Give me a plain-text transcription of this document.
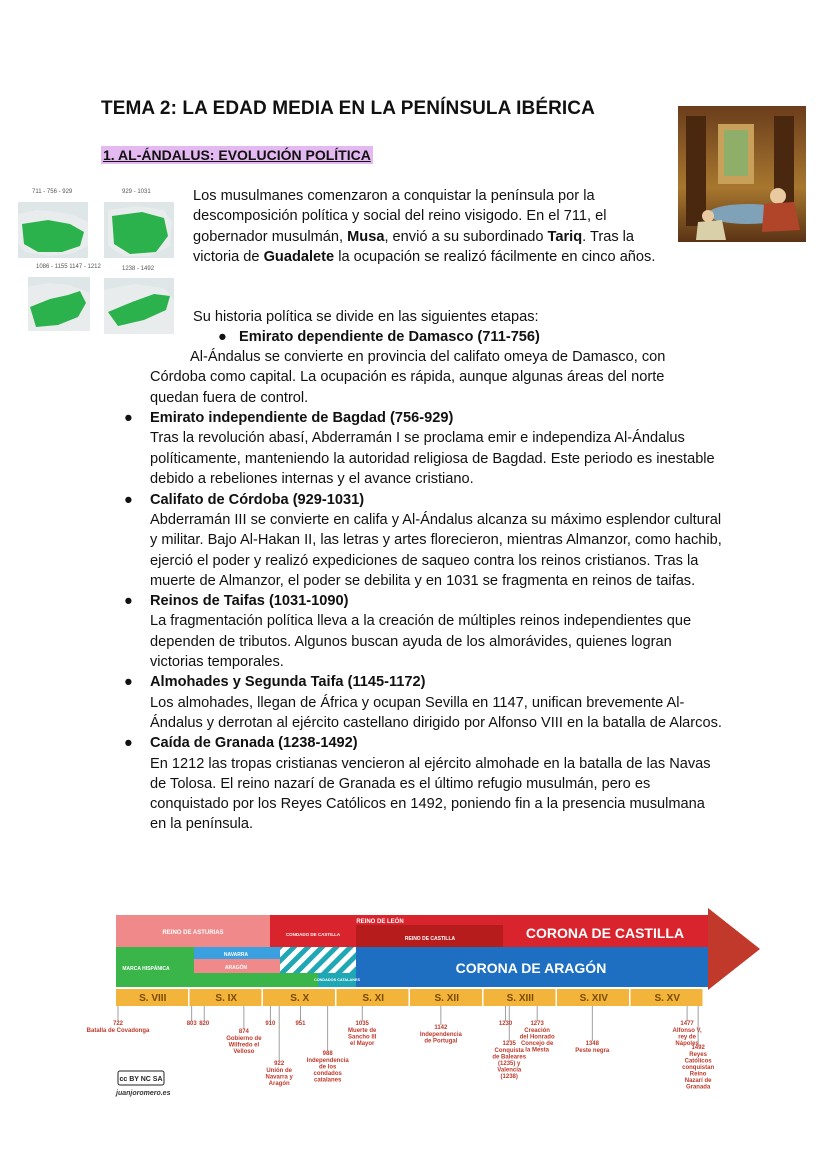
TEMA 2: LA EDAD MEDIA EN LA PENÍNSULA IBÉRICA
1. AL-ÁNDALUS: EVOLUCIÓN POLÍTICA
711 - 756 - 929	929 - 1031
1086 - 1155 1147 - 1212	1238 - 1492
Los musulmanes comenzaron a conquistar la península por la descomposición política y social del reino visigodo. En el 711, el gobernador musulmán, Musa, envió a su subordinado Tariq. Tras la victoria de Guadalete la ocupación se realizó fácilmente en cinco años.
Su historia política se divide en las siguientes etapas:
● Emirato dependiente de Damasco (711-756)
Al-Ándalus se convierte en provincia del califato omeya de Damasco, con Córdoba como capital. La ocupación es rápida, aunque algunas áreas del norte quedan fuera de control.
● Emirato independiente de Bagdad (756-929)
Tras la revolución abasí, Abderramán I se proclama emir e independiza Al-Ándalus políticamente, manteniendo la autoridad religiosa de Bagdad. Este periodo es inestable debido a rebeliones internas y el avance cristiano.
● Califato de Córdoba (929-1031)
Abderramán III se convierte en califa y Al-Ándalus alcanza su máximo esplendor cultural y militar. Bajo Al-Hakan II, las letras y artes florecieron, mientras Almanzor, como hachib, ejerció el poder y realizó expediciones de saqueo contra los reinos cristianos. Tras la muerte de Almanzor, el poder se debilita y en 1031 se fragmenta en reinos de taifas.
● Reinos de Taifas (1031-1090)
La fragmentación política lleva a la creación de múltiples reinos independientes que dependen de tributos. Algunos buscan ayuda de los almorávides, quienes logran victorias temporales.
● Almohades y Segunda Taifa (1145-1172)
Los almohades, llegan de África y ocupan Sevilla en 1147, unifican brevemente Al-Ándalus y derrotan al ejército castellano dirigido por Alfonso VIII en la batalla de Alarcos.
● Caída de Granada (1238-1492)
En 1212 las tropas cristianas vencieron al ejército almohade en la batalla de las Navas de Tolosa. El reino nazarí de Granada es el último refugio musulmán, pero es conquistado por los Reyes Católicos en 1492, poniendo fin a la presencia musulmana en la península.
REINO DE ASTURIAS
REINO DE LEÓN
CONDADO DE CASTILLA
REINO DE CASTILLA	CORONA DE CASTILLA
NAVARRA
ARAGÓN
MARCA HISPÁNICA
CONDADOS CATALANES
CORONA DE ARAGÓN
S. VIII	S. IX	S. X	S. XI	S. XII	S. XIII	S. XIV	S. XV
722
Batalla de Covadonga
803 820
874
Gobierno de
Wilfredo el
Velloso
910
922
Unión de
Navarra y
Aragón
951
988
Independencia
de los
condados
catalanes
1035
Muerte de
Sancho III
el Mayor
1142
Independencia
de Portugal
1230
1235
Conquista
de Baleares
(1235) y
Valencia
(1238)
1273
Creación
del Honrado
Concejo de
la Mesta
1348
Peste negra
1477
Alfonso V,
rey de
Nápoles
1492
Reyes
Católicos
conquistan
Reino
Nazarí de
Granada
cc BY NC SA
juanjoromero.es
